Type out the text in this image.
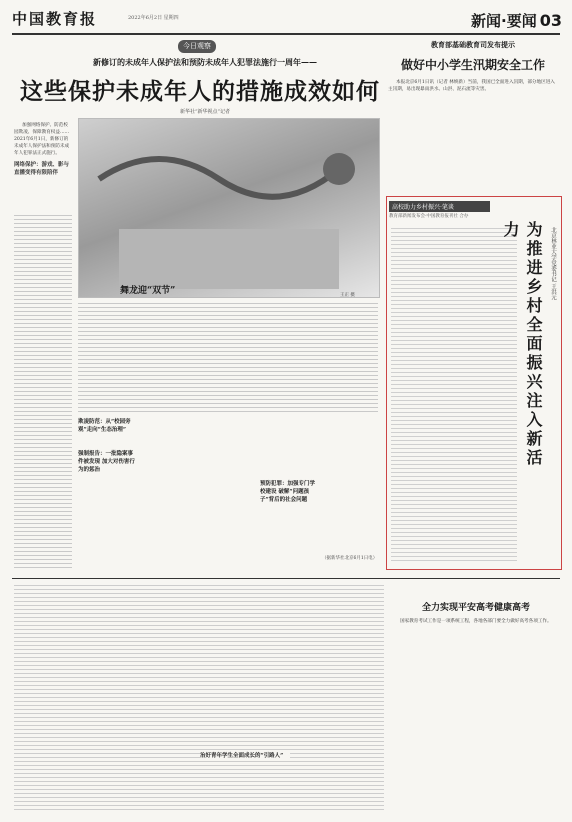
中国教育报	2022年6月2日 星期四	新闻·要闻 03
今日观察
新修订的未成年人保护法和预防未成年人犯罪法施行一周年——
这些保护未成年人的措施成效如何
新华社“新华视点”记者

加强网络保护、防范校园欺凌、保障教育权益……2021年6月1日，新修订的未成年人保护法和预防未成年人犯罪法正式施行。

网络保护：游戏、影与直播变得有限陪伴
舞龙迎“双节”	王正 摄
欺凌防范：从“校园旁观”走向“生态治理”
强制报告：一批隐案事件被发现 加大对伤害行为的惩治
预防犯罪：加强专门学校建设 破解“问题孩子”背后的社会问题
（据新华社北京6月1日电）
教育部基础教育司发布提示
做好中小学生汛期安全工作

本报北京6月1日讯（记者 林焕新）当前，我国已全面进入汛期，部分地区进入主汛期，易出现暴雨洪水、山洪、泥石流等灾害。

高校助力乡村振兴·笔谈
教育部新闻发布会·中国教育报刊社 合办
为推进乡村全面振兴注入新活力	北京林业大学党委书记 王洪元
治好青年学生全面成长的“引路人”
全力实现平安高考健康高考

国家教育考试工作是一项系统工程，各地各部门要全力做好高考各项工作。
